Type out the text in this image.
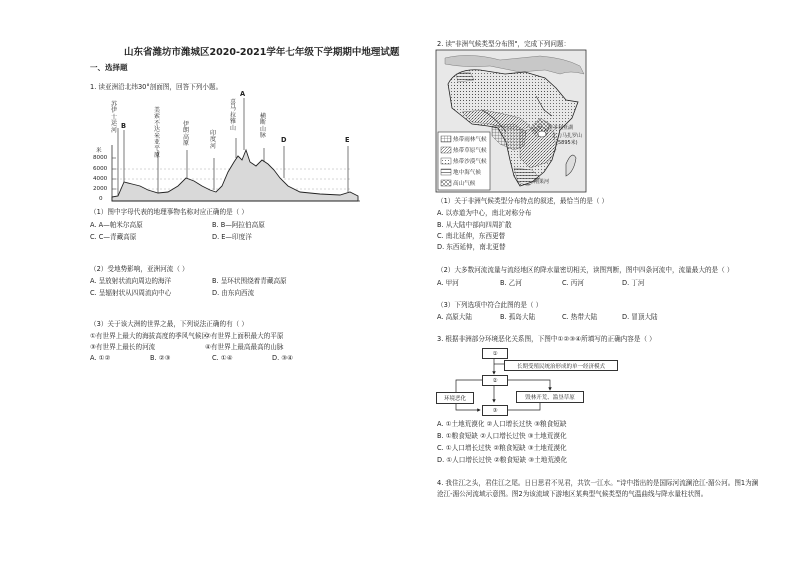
山东省潍坊市潍城区2020-2021学年七年级下学期期中地理试题
一、选择题
1. 读亚洲沿北纬30°剖面图，回答下列小题。
苏伊士运河
B
美索不达米亚平原
伊朗高原
印度河
A
喜马拉雅山
横断山脉
D	E
米
8000
6000
4000
2000
0
（1）图中字母代表的地理事物名称对应正确的是（ ）
A. A—帕米尔高原	B. B—阿拉伯高原
C. C—青藏高原	D. E—印度洋
（2）受地势影响，亚洲河流（ ）
A. 呈放射状流向周边的海洋	B. 呈环状围绕着青藏高原
C. 呈辐射状从四周流向中心	D. 由东向西流
（3）关于该大洲的世界之最，下列说法正确的有（ ）
①有世界上最大的海拔高度的季风气候区
②有世界上面积最大的平原
③有世界上最长的河流	④有世界上最高最高的山脉
A. ①②	B. ②③	C. ①④	D. ③④
2. 读"非洲气候类型分布图"，完成下列问题：
热带雨林气候
热带草原气候
热带沙漠气候
地中海气候
高山气候
维多利亚湖
乞力马扎罗山
(5895米)
刚果河
（1）关于非洲气候类型分布特点的叙述，最恰当的是（ ）
A. 以赤道为中心，南北对称分布
B. 从大陆中部向四周扩散
C. 南北延伸，东西更替
D. 东西延伸，南北更替
（2）大多数河流流量与流经地区的降水量密切相关，读图判断，图中四条河流中，流量最大的是（ ）
A. 甲河	B. 乙河	C. 丙河	D. 丁河
（3）下列选项中符合此图的是（ ）
A. 高原大陆	B. 孤岛大陆	C. 热带大陆	D. 冒顶大陆
3. 根据非洲部分环境恶化关系图，下图中①②③④所填写的正确内容是（ ）
①
长期受殖民统治形成的单一经济模式
②
环境恶化	毁林开荒、滥垦草原
③
A. ①土地荒漠化 ②人口增长过快 ③粮食短缺
B. ①粮食短缺 ②人口增长过快 ③土地荒漠化
C. ①人口增长过快 ②粮食短缺 ③土地荒漠化
D. ①人口增长过快 ②粮食短缺 ③土地荒漠化
4. 我住江之头，君住江之尾。日日思君不见君，共饮一江水。"诗中指出的是国际河流澜沧江-湄公河。图1为澜
沧江-湄公河流域示意图。图2为该流域下游地区某典型气候类型的气温曲线与降水量柱状图。
